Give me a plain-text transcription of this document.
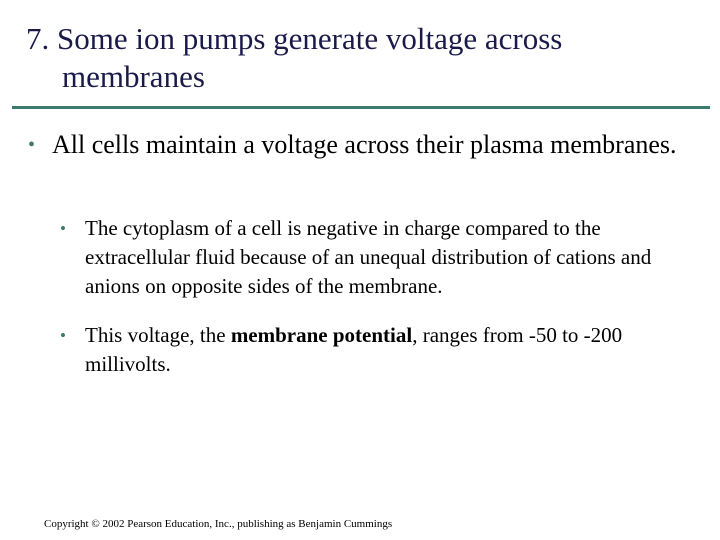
7. Some ion pumps generate voltage across
membranes
• All cells maintain a voltage across their plasma membranes.
• The cytoplasm of a cell is negative in charge compared to the extracellular fluid because of an unequal distribution of cations and anions on opposite sides of the membrane.
• This voltage, the membrane potential, ranges from -50 to -200 millivolts.
Copyright © 2002 Pearson Education, Inc., publishing as Benjamin Cummings
